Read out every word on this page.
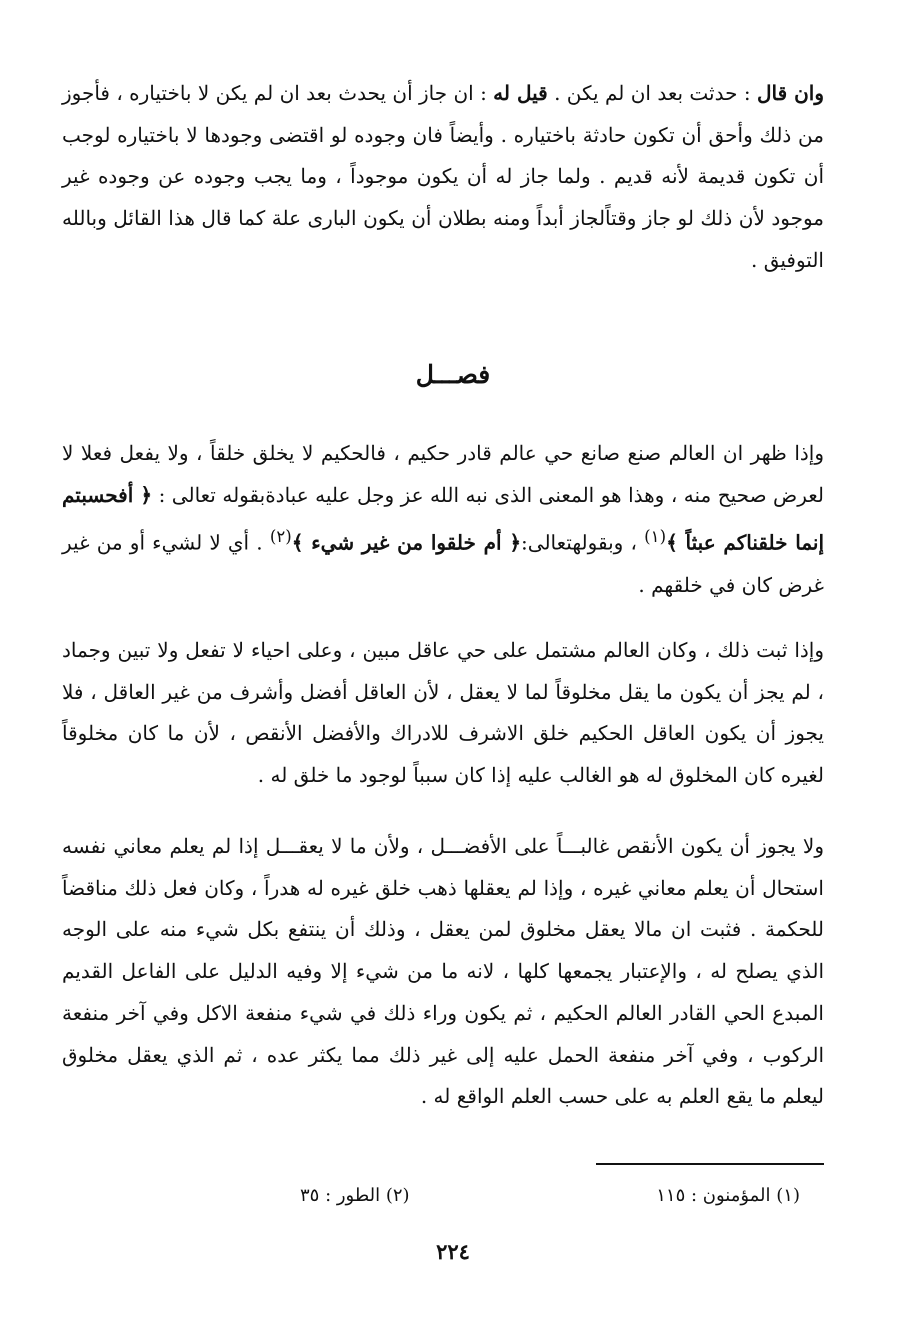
وان قال : حدثت بعد ان لم يكن . قيل له : ان جاز أن يحدث بعد ان لم يكن لا باختياره ، فأجوز من ذلك وأحق أن تكون حادثة باختياره . وأيضاً فان وجوده لو اقتضى وجودها لا باختياره لوجب أن تكون قديمة لأنه قديم . ولما جاز له أن يكون موجوداً ، وما يجب وجوده عن وجوده غير موجود لأن ذلك لو جاز وقتاًلجاز أبداً ومنه بطلان أن يكون البارى علة كما قال هذا القائل وبالله التوفيق .
فصـــل
وإذا ظهر ان العالم صنع صانع حي عالم قادر حكيم ، فالحكيم لا يخلق خلقاً ، ولا يفعل فعلا لا لعرض صحيح منه ، وهذا هو المعنى الذى نبه الله عز وجل عليه عبادةبقوله تعالى : ﴿ أفحسبتم إنما خلقناكم عبثاً ﴾$^{(١)}$ ، وبقولهتعالى:﴿ أم خلقوا من غير شيء ﴾$^{(٢)}$ . أي لا لشيء أو من غير غرض كان في خلقهم .
وإذا ثبت ذلك ، وكان العالم مشتمل على حي عاقل مبين ، وعلى احياء لا تفعل ولا تبين وجماد ، لم يجز أن يكون ما يقل مخلوقاً لما لا يعقل ، لأن العاقل أفضل وأشرف من غير العاقل ، فلا يجوز أن يكون العاقل الحكيم خلق الاشرف للادراك والأفضل الأنقص ، لأن ما كان مخلوقاً لغيره كان المخلوق له هو الغالب عليه إذا كان سبباً لوجود ما خلق له .
ولا يجوز أن يكون الأنقص غالبـــاً على الأفضـــل ، ولأن ما لا يعقـــل إذا لم يعلم معاني نفسه استحال أن يعلم معاني غيره ، وإذا لم يعقلها ذهب خلق غيره له هدراً ، وكان فعل ذلك مناقضاً للحكمة . فثبت ان مالا يعقل مخلوق لمن يعقل ، وذلك أن ينتفع بكل شيء منه على الوجه الذي يصلح له ، والإعتبار يجمعها كلها ، لانه ما من شيء إلا وفيه الدليل على الفاعل القديم المبدع الحي القادر العالم الحكيم ، ثم يكون وراء ذلك في شيء منفعة الاكل وفي آخر منفعة الركوب ، وفي آخر منفعة الحمل عليه إلى غير ذلك مما يكثر عده ، ثم الذي يعقل مخلوق ليعلم ما يقع العلم به على حسب العلم الواقع له .
(١) المؤمنون : ١١٥
(٢) الطور : ٣٥
٢٢٤
